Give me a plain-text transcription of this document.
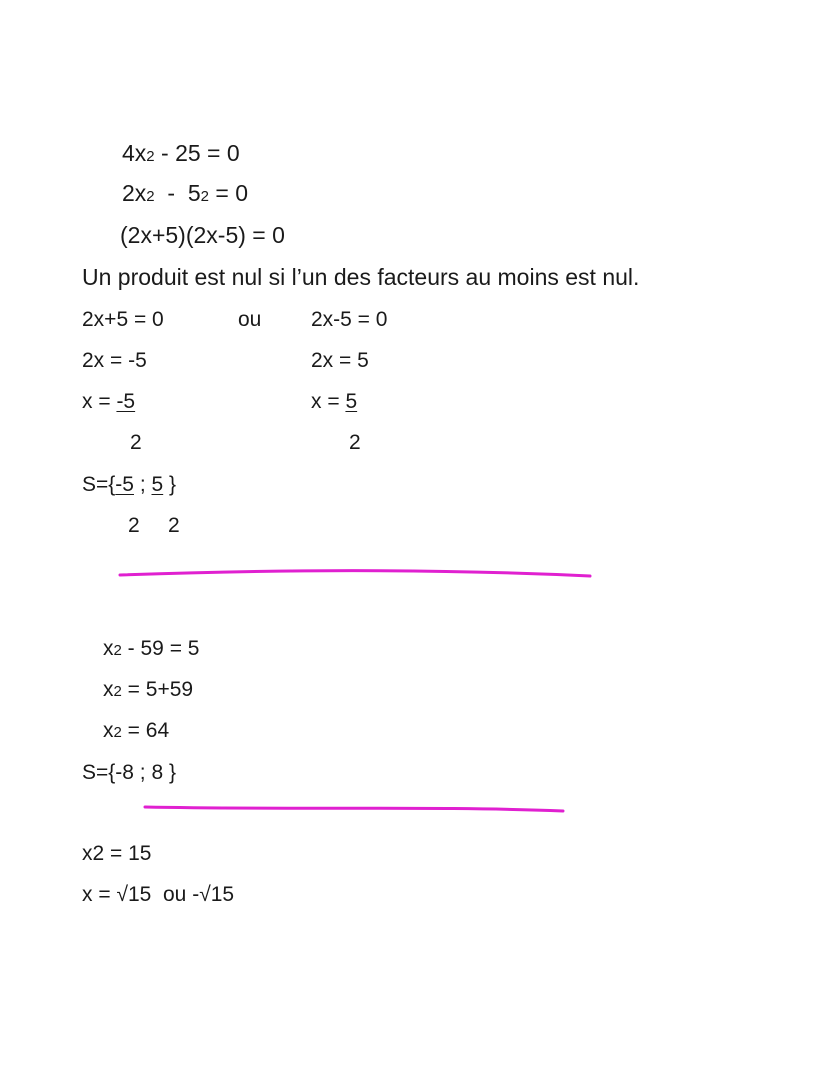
4x2 - 25 = 0
2x2  -  52 = 0
(2x+5)(2x-5) = 0
Un produit est nul si l’un des facteurs au moins est nul.
2x+5 = 0	ou 2x-5 = 0
2x = -5	2x = 5
x = -5	x = 5
2	2
S={-5 ; 5 }
2 2
x2 - 59 = 5
x2 = 5+59
x2 = 64
S={-8 ; 8 }
x2 = 15
x = √15  ou -√15
